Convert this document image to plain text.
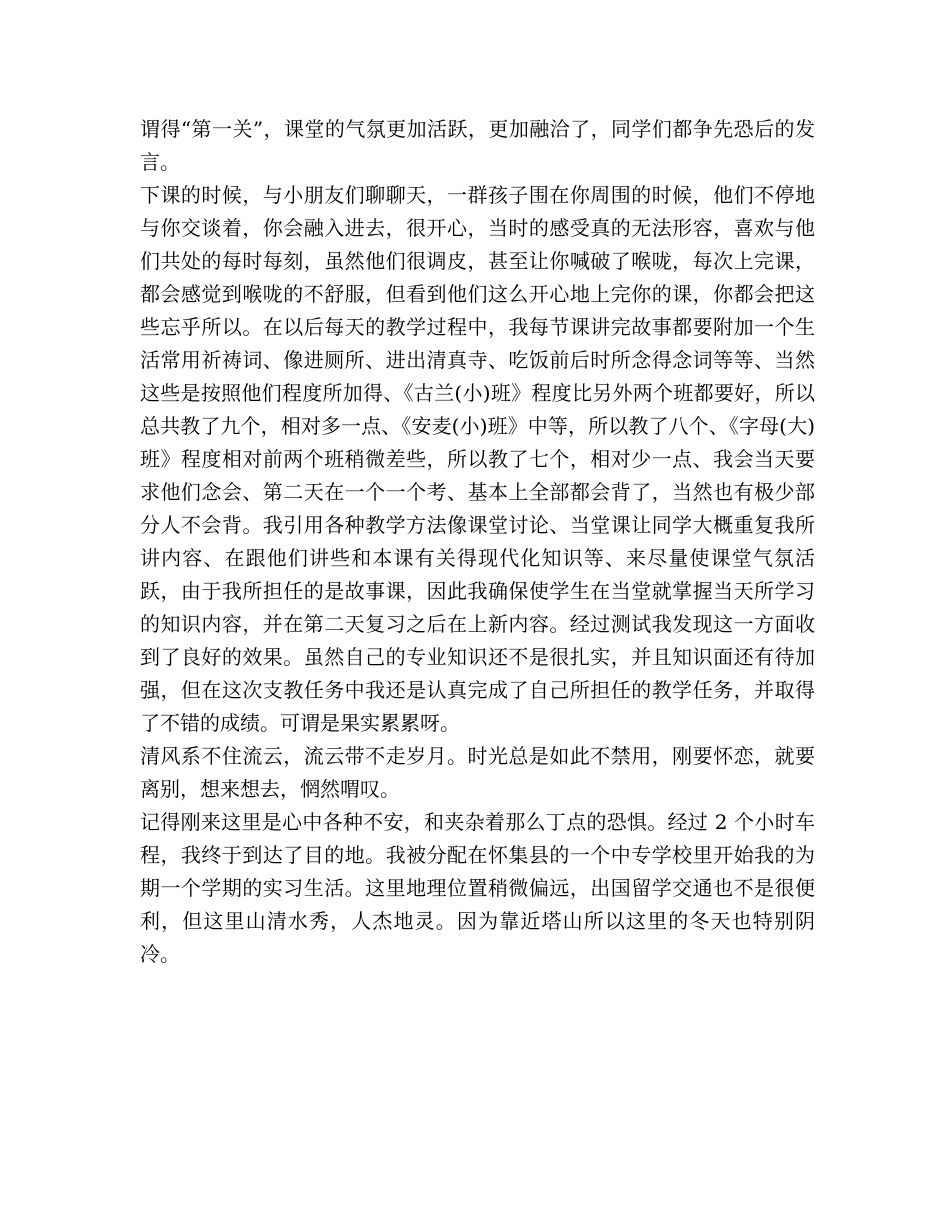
谓得“第一关”，课堂的气氛更加活跃，更加融洽了，同学们都争先恐后的发言。

下课的时候，与小朋友们聊聊天，一群孩子围在你周围的时候，他们不停地与你交谈着，你会融入进去，很开心，当时的感受真的无法形容，喜欢与他们共处的每时每刻，虽然他们很调皮，甚至让你喊破了喉咙，每次上完课，都会感觉到喉咙的不舒服，但看到他们这么开心地上完你的课，你都会把这些忘乎所以。在以后每天的教学过程中，我每节课讲完故事都要附加一个生活常用祈祷词、像进厕所、进出清真寺、吃饭前后时所念得念词等等、当然这些是按照他们程度所加得、《古兰(小)班》程度比另外两个班都要好，所以总共教了九个，相对多一点、《安麦(小)班》中等，所以教了八个、《字母(大)班》程度相对前两个班稍微差些，所以教了七个，相对少一点、我会当天要求他们念会、第二天在一个一个考、基本上全部都会背了，当然也有极少部分人不会背。我引用各种教学方法像课堂讨论、当堂课让同学大概重复我所讲内容、在跟他们讲些和本课有关得现代化知识等、来尽量使课堂气氛活跃，由于我所担任的是故事课，因此我确保使学生在当堂就掌握当天所学习的知识内容，并在第二天复习之后在上新内容。经过测试我发现这一方面收到了良好的效果。虽然自己的专业知识还不是很扎实，并且知识面还有待加强，但在这次支教任务中我还是认真完成了自己所担任的教学任务，并取得了不错的成绩。可谓是果实累累呀。

清风系不住流云，流云带不走岁月。时光总是如此不禁用，刚要怀恋，就要离别，想来想去，惘然喟叹。

记得刚来这里是心中各种不安，和夹杂着那么丁点的恐惧。经过 2 个小时车程，我终于到达了目的地。我被分配在怀集县的一个中专学校里开始我的为期一个学期的实习生活。这里地理位置稍微偏远，出国留学交通也不是很便利，但这里山清水秀，人杰地灵。因为靠近塔山所以这里的冬天也特别阴冷。
